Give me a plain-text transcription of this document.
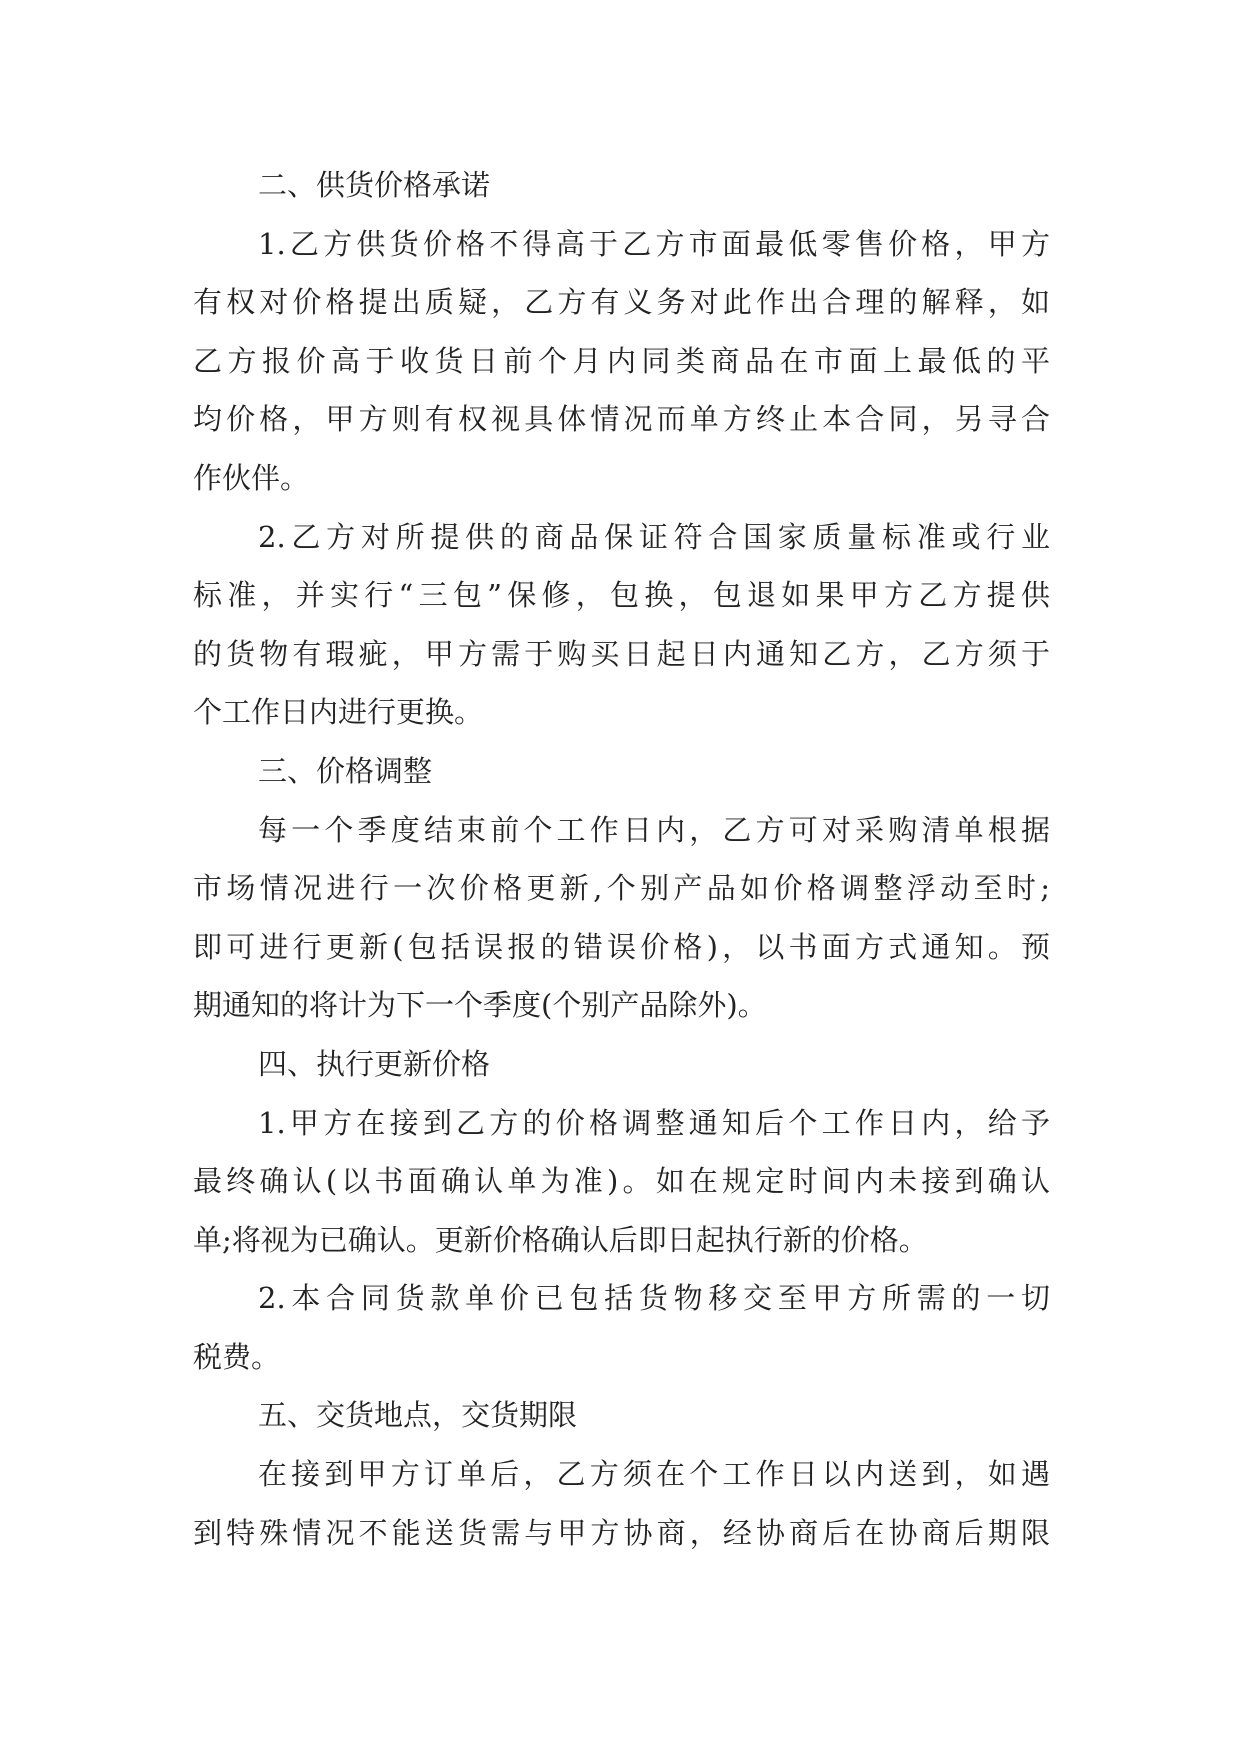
二、供货价格承诺
1.乙方供货价格不得高于乙方市面最低零售价格，甲方
有权对价格提出质疑，乙方有义务对此作出合理的解释，如
乙方报价高于收货日前个月内同类商品在市面上最低的平
均价格，甲方则有权视具体情况而单方终止本合同，另寻合
作伙伴。
2.乙方对所提供的商品保证符合国家质量标准或行业
标准，并实行“三包”保修，包换，包退如果甲方乙方提供
的货物有瑕疵，甲方需于购买日起日内通知乙方，乙方须于
个工作日内进行更换。
三、价格调整
每一个季度结束前个工作日内，乙方可对采购清单根据
市场情况进行一次价格更新,个别产品如价格调整浮动至时;
即可进行更新(包括误报的错误价格)，以书面方式通知。预
期通知的将计为下一个季度(个别产品除外)。
四、执行更新价格
1.甲方在接到乙方的价格调整通知后个工作日内，给予
最终确认(以书面确认单为准)。如在规定时间内未接到确认
单;将视为已确认。更新价格确认后即日起执行新的价格。
2.本合同货款单价已包括货物移交至甲方所需的一切
税费。
五、交货地点，交货期限
在接到甲方订单后，乙方须在个工作日以内送到，如遇
到特殊情况不能送货需与甲方协商，经协商后在协商后期限
